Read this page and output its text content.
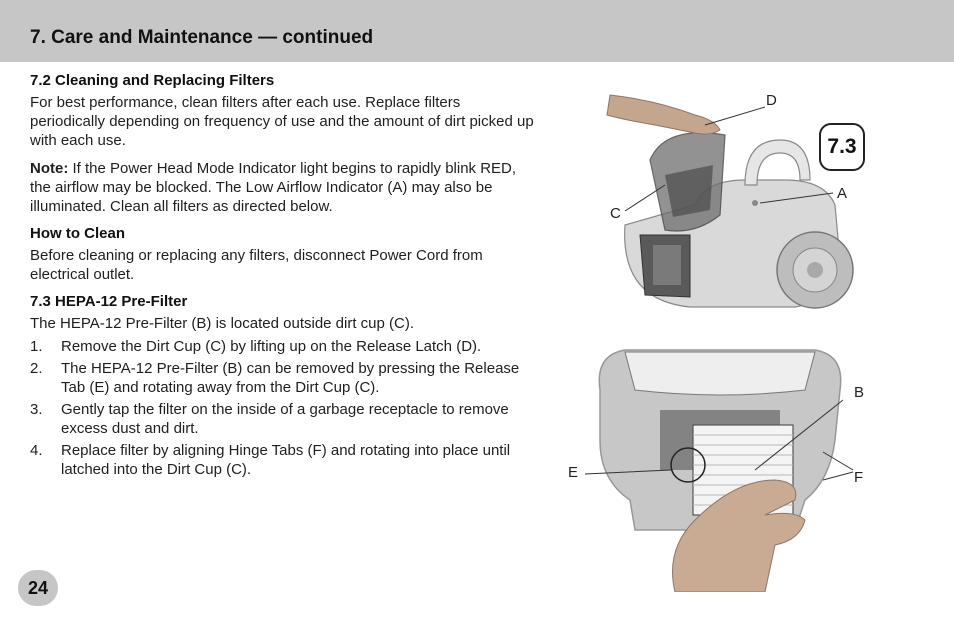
7. Care and Maintenance — continued
7.2 Cleaning and Replacing Filters

For best performance, clean filters after each use. Replace filters periodically depending on frequency of use and the amount of dirt picked up with each use.

Note: If the Power Head Mode Indicator light begins to rapidly blink RED, the airflow may be blocked. The Low Airflow Indicator (A) may also be illuminated. Clean all filters as directed below.

How to Clean

Before cleaning or replacing any filters, disconnect Power Cord from electrical outlet.

7.3 HEPA-12 Pre-Filter

The HEPA-12 Pre-Filter (B) is located outside dirt cup (C).

1.	Remove the Dirt Cup (C) by lifting up on the Release Latch (D).
2.	The HEPA-12 Pre-Filter (B) can be removed by pressing the Release Tab (E) and rotating away from the Dirt Cup (C).
3.	Gently tap the filter on the inside of a garbage receptacle to remove excess dust and dirt.
4.	Replace filter by aligning Hinge Tabs (F) and rotating into place until latched into the Dirt Cup (C).
7.3
D
A
C
B
E	F
24
